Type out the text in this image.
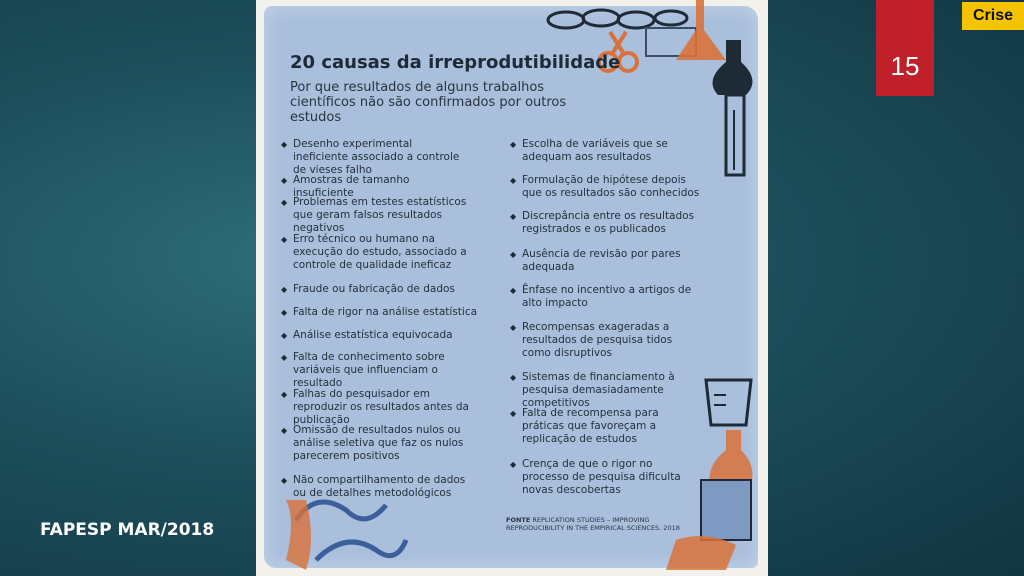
15
Crise
FAPESP MAR/2018
20 causas da irreprodutibilidade
Por que resultados de alguns trabalhos científicos não são confirmados por outros estudos
◆ Desenho experimental ineficiente associado a controle de vieses falho
◆ Amostras de tamanho insuficiente
◆ Problemas em testes estatísticos que geram falsos resultados negativos
◆ Erro técnico ou humano na execução do estudo, associado a controle de qualidade ineficaz
◆ Fraude ou fabricação de dados
◆ Falta de rigor na análise estatística
◆ Análise estatística equivocada
◆ Falta de conhecimento sobre variáveis que influenciam o resultado
◆ Falhas do pesquisador em reproduzir os resultados antes da publicação
◆ Omissão de resultados nulos ou análise seletiva que faz os nulos parecerem positivos
◆ Não compartilhamento de dados ou de detalhes metodológicos
◆ Escolha de variáveis que se adequam aos resultados
◆ Formulação de hipótese depois que os resultados são conhecidos
◆ Discrepância entre os resultados registrados e os publicados
◆ Ausência de revisão por pares adequada
◆ Ênfase no incentivo a artigos de alto impacto
◆ Recompensas exageradas a resultados de pesquisa tidos como disruptivos
◆ Sistemas de financiamento à pesquisa demasiadamente competitivos
◆ Falta de recompensa para práticas que favoreçam a replicação de estudos
◆ Crença de que o rigor no processo de pesquisa dificulta novas descobertas
FONTE REPLICATION STUDIES – IMPROVING REPRODUCIBILITY IN THE EMPIRICAL SCIENCES. 2018
